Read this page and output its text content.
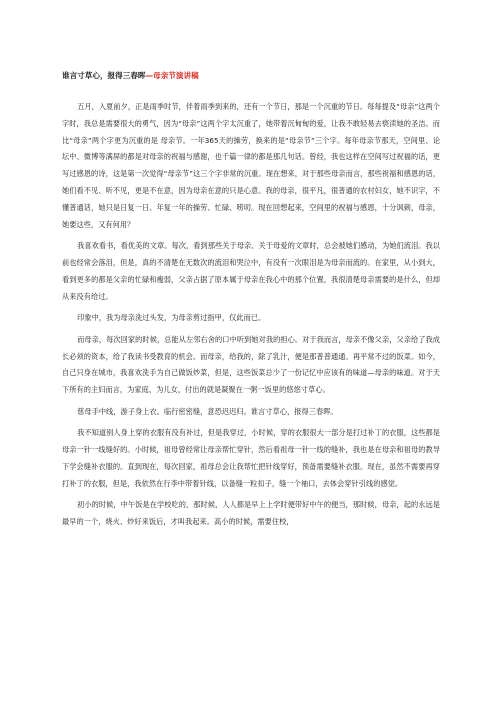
谁言寸草心，报得三春晖—母亲节演讲稿

五月，入夏前夕，正是雨季时节，伴着雨季到来的，还有一个节日，那是一个沉重的节日。每每提及“母亲”这两个字时，我总是需要很大的勇气，因为“母亲”这两个字太沉重了，她带着沉甸甸的爱，让我不敢轻易去亵渎她的圣洁。而比“母亲”两个字更为沉重的是 母亲节。一年365天的操劳，换来的是“母亲节”三个字。每年母亲节那天，空间里、论坛中、微博等满屏的都是对母亲的祝福与感谢，也千篇一律的都是那几句话。曾经，我也这样在空间写过祝福的话，更写过感恩的诗，这是第一次觉得“母亲节”这三个字非常的沉重。现在想来，对于那些母亲而言，那些祝福和感恩的话，她们看不见、听不见，更是不在意，因为母亲在意的只是心意。我的母亲，很平凡，很普通的农村妇女，她不识字，不懂普通话，她只是日复一日、年复一年的操劳、忙碌、唠叨。现在回想起来，空间里的祝福与感恩，十分讽刺，母亲，她要这些，又有何用？

我喜欢看书，看优美的文章。每次，看到那些关于母亲、关于母爱的文章时，总会被她们感动，为她们流泪。我以前也经常会落泪，但是，真的不清楚在无数次的流泪和哭泣中，有没有一次眼泪是为母亲而流的。在家里，从小到大，看到更多的都是父亲的忙碌和瘦弱，父亲占据了原本属于母亲在我心中的那个位置，我很清楚母亲需要的是什么，但却从来没有给过。

印象中，我为母亲洗过头发，为母亲剪过指甲，仅此而已。

而母亲，每次回家的时候，总能从左邻右舍的口中听到她对我的担心。对于我而言，母亲不像父亲，父亲给了我成长必须的资本，给了我读书受教育的机会。而母亲，给我的，除了乳汁，便是那普普通通、再平常不过的饭菜。如今，自己只身在城市，我喜欢洗手为自己做饭炒菜，但是，这些饭菜总少了一份记忆中应该有的味道—母亲的味道。对于天下所有的主妇而言，为家庭、为儿女，付出的就是凝聚在一粥一饭里的悠悠寸草心。

慈母手中线，游子身上衣。临行密密缝，意恐迟迟归。谁言寸草心，报得三春晖。

我不知道别人身上穿的衣服有没有补过，但是我穿过，小时候，穿的衣服很大一部分是打过补丁的衣服，这些都是母亲一针一线缝好的。小时候，祖母曾经常让母亲帮忙穿针，然后看祖母一针一线的缝补，我也是在母亲和祖母的教导下学会缝补衣服的。直到现在，每次回家，祖母总会让我帮忙把针线穿好，预备需要缝补衣服。现在，虽然不需要再穿打补丁的衣服，但是，我依然在行李中带着针线，以备缝一粒扣子，缝一个袖口，去体会穿针引线的感觉。

初小的时候，中午饭是在学校吃的，那时候，人人都是早上上学时便带好中午的便当，那时候，母亲，起的永远是最早的一个，烧火、炒好来饭后，才叫我起来。高小的时候，需要住校，
